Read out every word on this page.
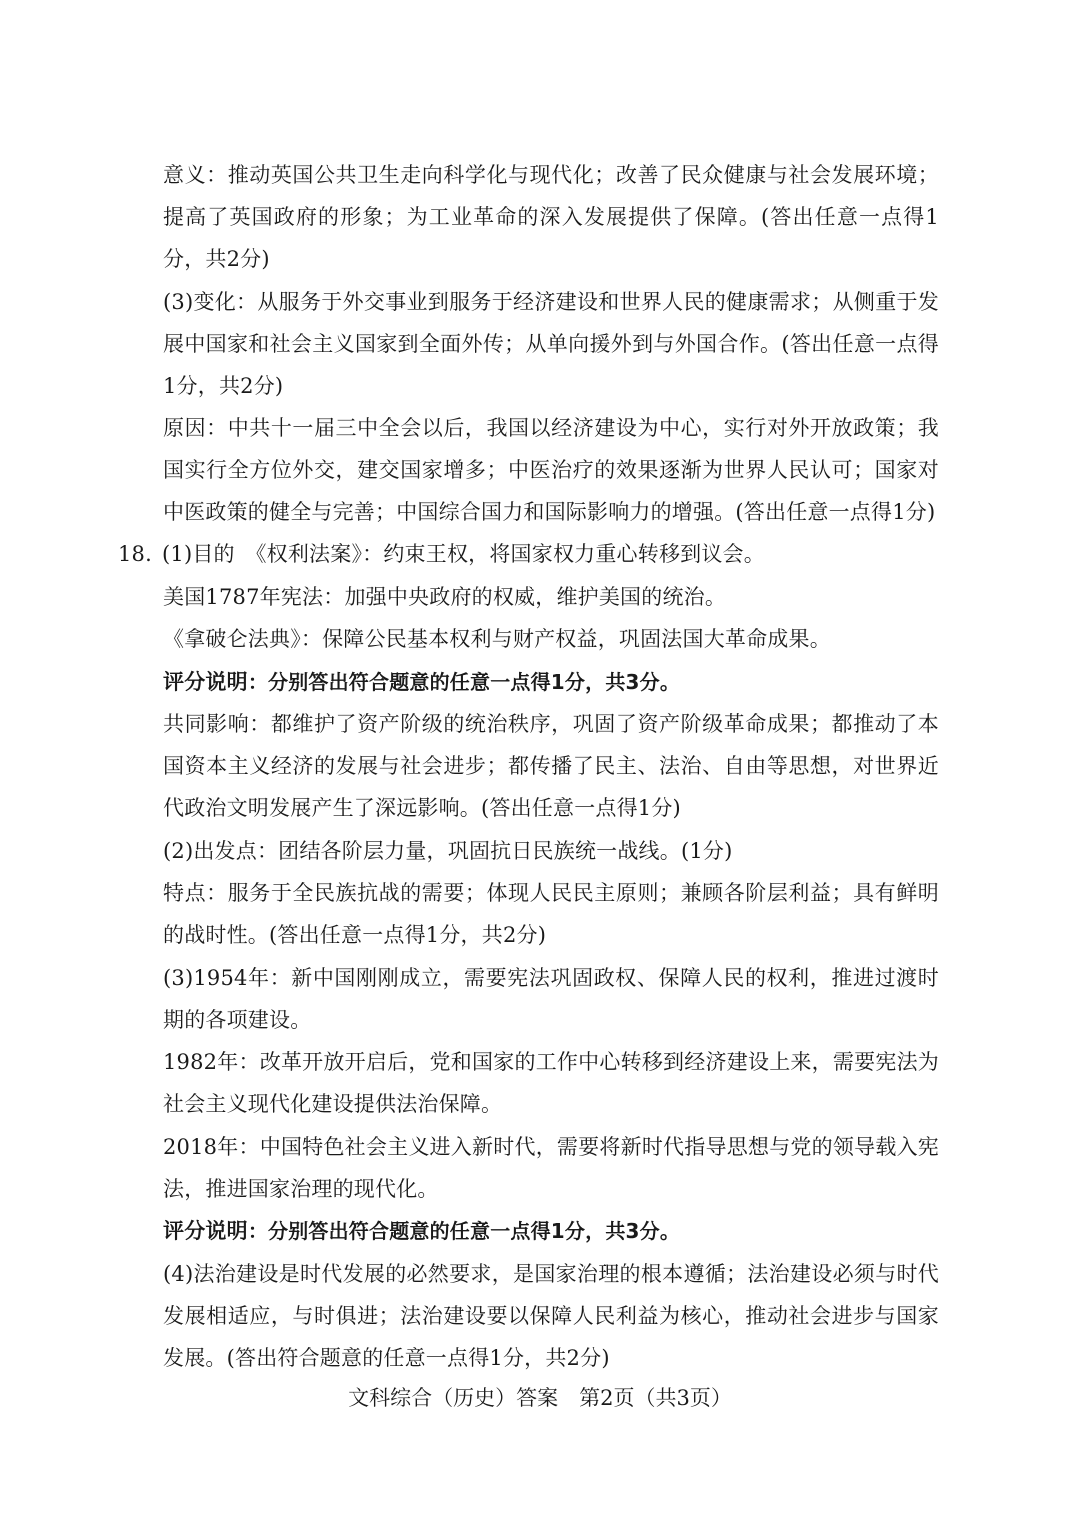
意义：推动英国公共卫生走向科学化与现代化；改善了民众健康与社会发展环境；提高了英国政府的形象；为工业革命的深入发展提供了保障。(答出任意一点得1分，共2分)

(3)变化：从服务于外交事业到服务于经济建设和世界人民的健康需求；从侧重于发展中国家和社会主义国家到全面外传；从单向援外到与外国合作。(答出任意一点得1分，共2分)

原因：中共十一届三中全会以后，我国以经济建设为中心，实行对外开放政策；我国实行全方位外交，建交国家增多；中医治疗的效果逐渐为世界人民认可；国家对中医政策的健全与完善；中国综合国力和国际影响力的增强。(答出任意一点得1分)

18. (1)目的　《权利法案》：约束王权，将国家权力重心转移到议会。

美国1787年宪法：加强中央政府的权威，维护美国的统治。

《拿破仑法典》：保障公民基本权利与财产权益，巩固法国大革命成果。

评分说明：分别答出符合题意的任意一点得1分，共3分。

共同影响：都维护了资产阶级的统治秩序，巩固了资产阶级革命成果；都推动了本国资本主义经济的发展与社会进步；都传播了民主、法治、自由等思想，对世界近代政治文明发展产生了深远影响。(答出任意一点得1分)

(2)出发点：团结各阶层力量，巩固抗日民族统一战线。(1分)

特点：服务于全民族抗战的需要；体现人民民主原则；兼顾各阶层利益；具有鲜明的战时性。(答出任意一点得1分，共2分)

(3)1954年：新中国刚刚成立，需要宪法巩固政权、保障人民的权利，推进过渡时期的各项建设。

1982年：改革开放开启后，党和国家的工作中心转移到经济建设上来，需要宪法为社会主义现代化建设提供法治保障。

2018年：中国特色社会主义进入新时代，需要将新时代指导思想与党的领导载入宪法，推进国家治理的现代化。

评分说明：分别答出符合题意的任意一点得1分，共3分。

(4)法治建设是时代发展的必然要求，是国家治理的根本遵循；法治建设必须与时代发展相适应，与时俱进；法治建设要以保障人民利益为核心，推动社会进步与国家发展。(答出符合题意的任意一点得1分，共2分)

文科综合（历史）答案　第2页（共3页）
